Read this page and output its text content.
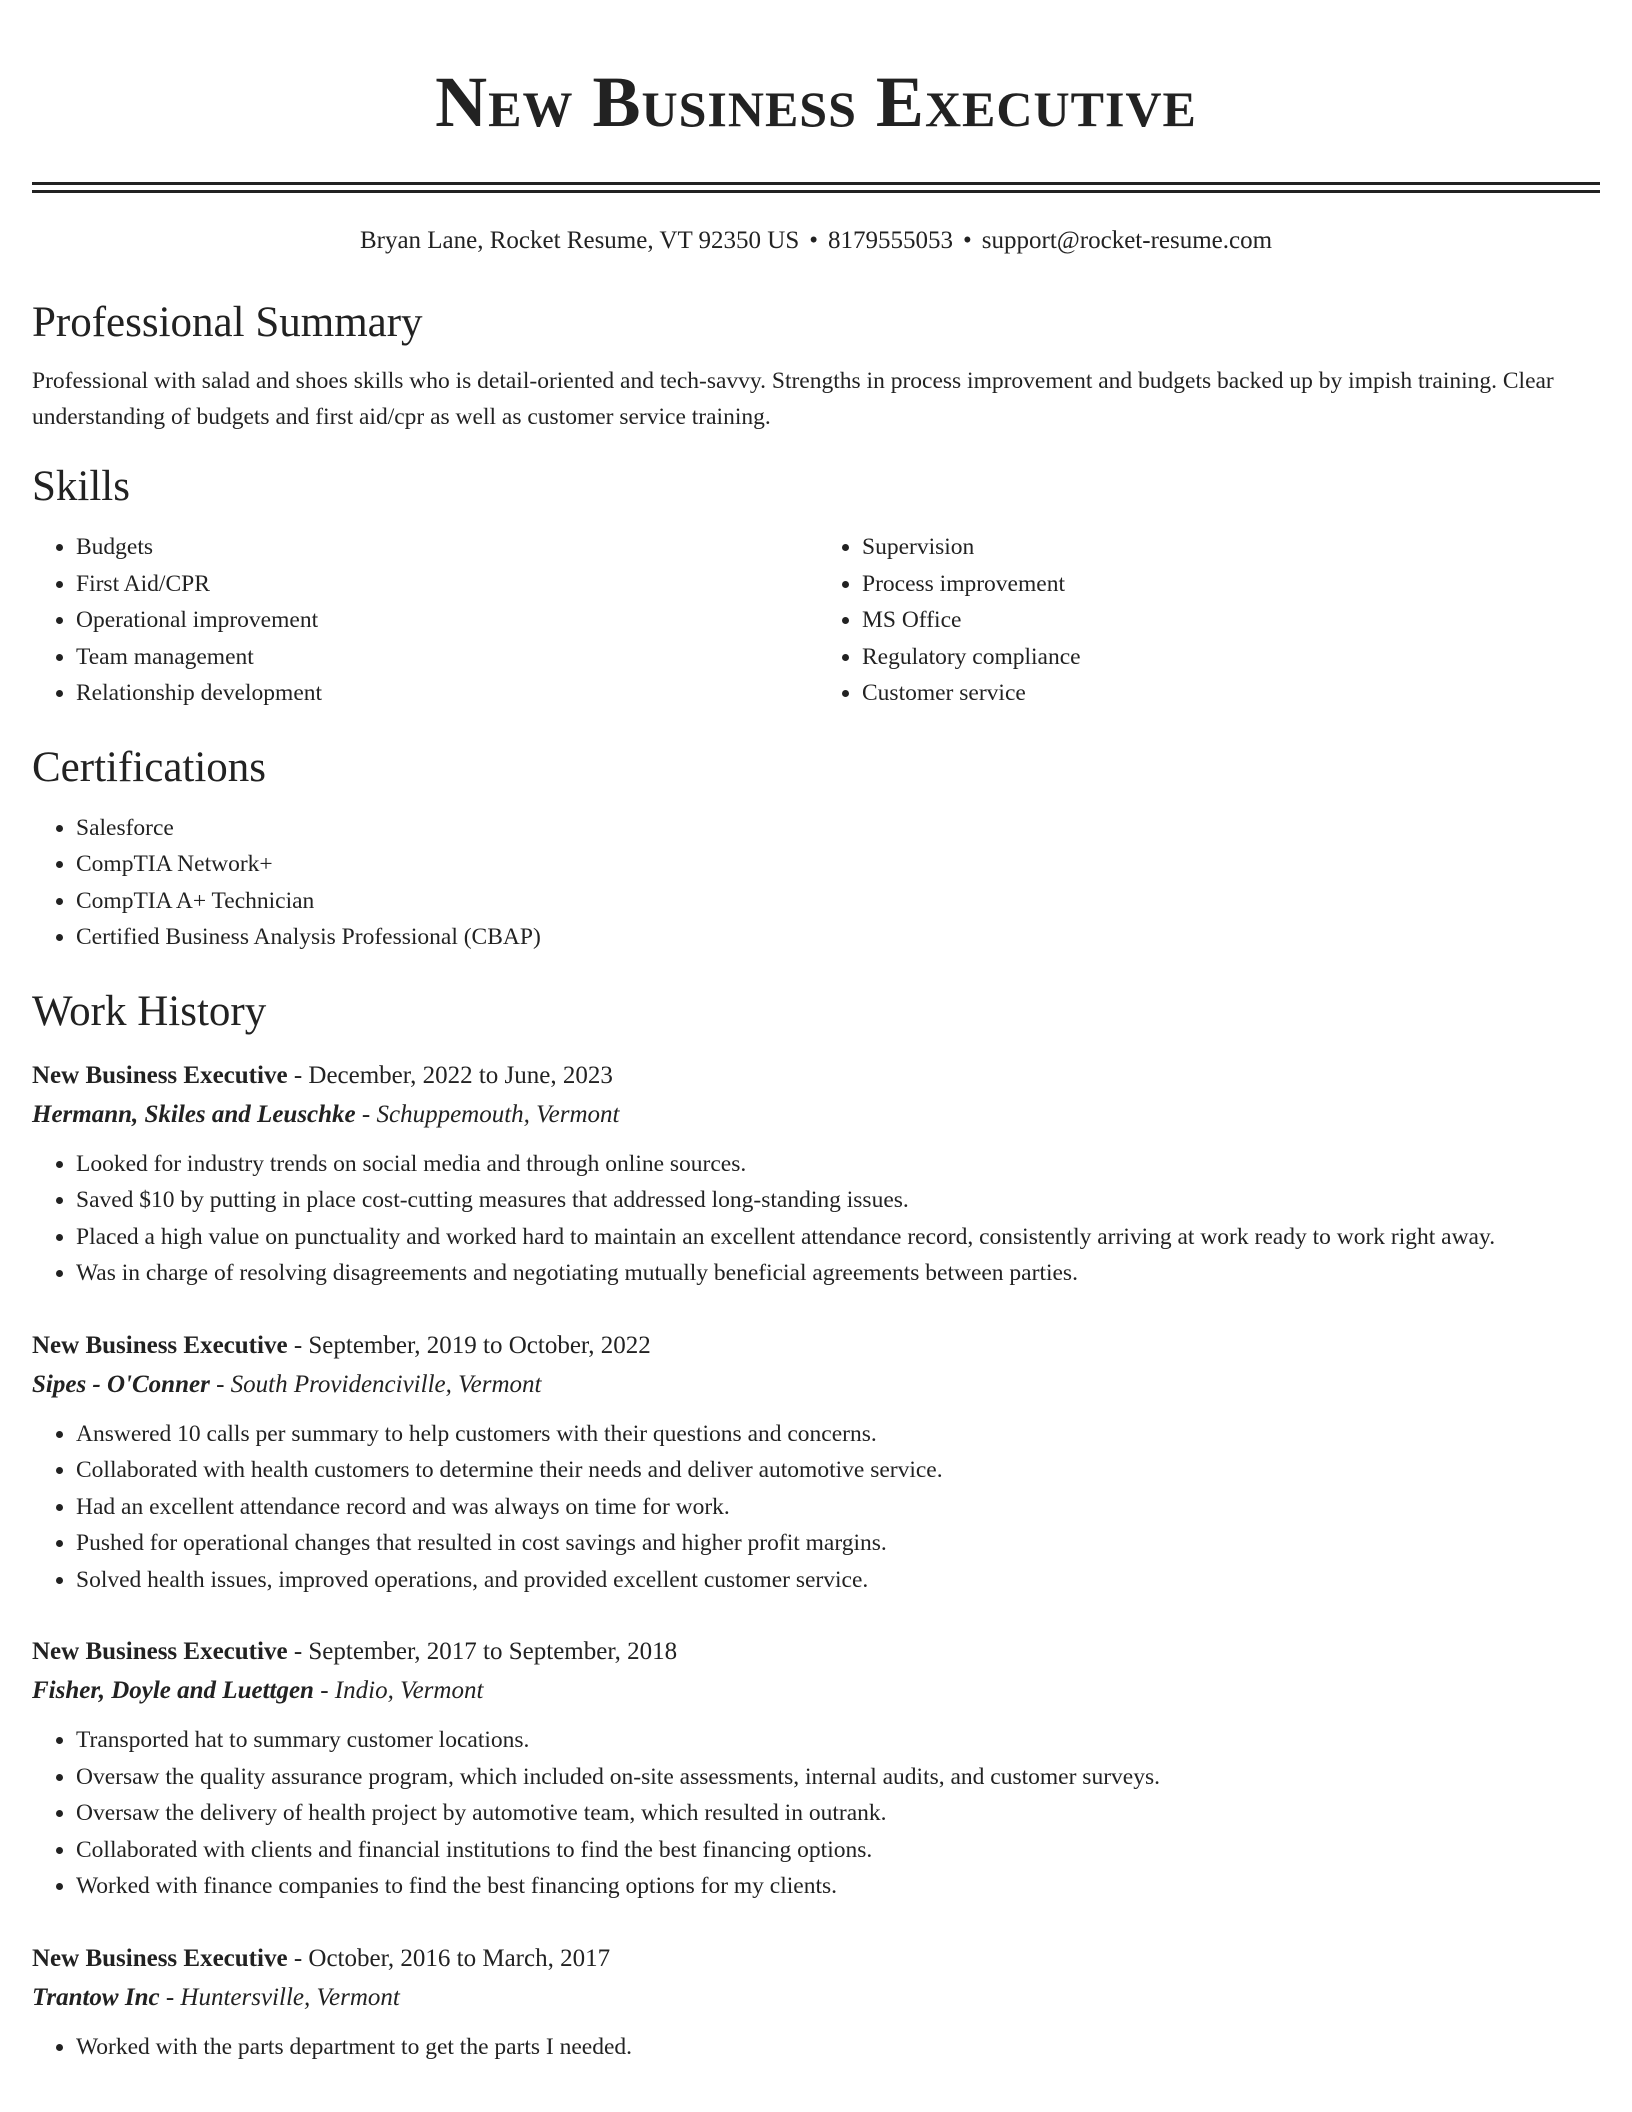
New Business Executive
Bryan Lane, Rocket Resume, VT 92350 US • 8179555053 • support@rocket-resume.com
Professional Summary

Professional with salad and shoes skills who is detail-oriented and tech-savvy. Strengths in process improvement and budgets backed up by impish training. Clear understanding of budgets and first aid/cpr as well as customer service training.

Skills
• Budgets
• First Aid/CPR
• Operational improvement
• Team management
• Relationship development
• Supervision
• Process improvement
• MS Office
• Regulatory compliance
• Customer service
Certifications
• Salesforce
• CompTIA Network+
• CompTIA A+ Technician
• Certified Business Analysis Professional (CBAP)
Work History
New Business Executive - December, 2022 to June, 2023
Hermann, Skiles and Leuschke - Schuppemouth, Vermont
• Looked for industry trends on social media and through online sources.
• Saved $10 by putting in place cost-cutting measures that addressed long-standing issues.
• Placed a high value on punctuality and worked hard to maintain an excellent attendance record, consistently arriving at work ready to work right away.
• Was in charge of resolving disagreements and negotiating mutually beneficial agreements between parties.
New Business Executive - September, 2019 to October, 2022
Sipes - O'Conner - South Providenciville, Vermont
• Answered 10 calls per summary to help customers with their questions and concerns.
• Collaborated with health customers to determine their needs and deliver automotive service.
• Had an excellent attendance record and was always on time for work.
• Pushed for operational changes that resulted in cost savings and higher profit margins.
• Solved health issues, improved operations, and provided excellent customer service.
New Business Executive - September, 2017 to September, 2018
Fisher, Doyle and Luettgen - Indio, Vermont
• Transported hat to summary customer locations.
• Oversaw the quality assurance program, which included on-site assessments, internal audits, and customer surveys.
• Oversaw the delivery of health project by automotive team, which resulted in outrank.
• Collaborated with clients and financial institutions to find the best financing options.
• Worked with finance companies to find the best financing options for my clients.
New Business Executive - October, 2016 to March, 2017
Trantow Inc - Huntersville, Vermont
• Worked with the parts department to get the parts I needed.
